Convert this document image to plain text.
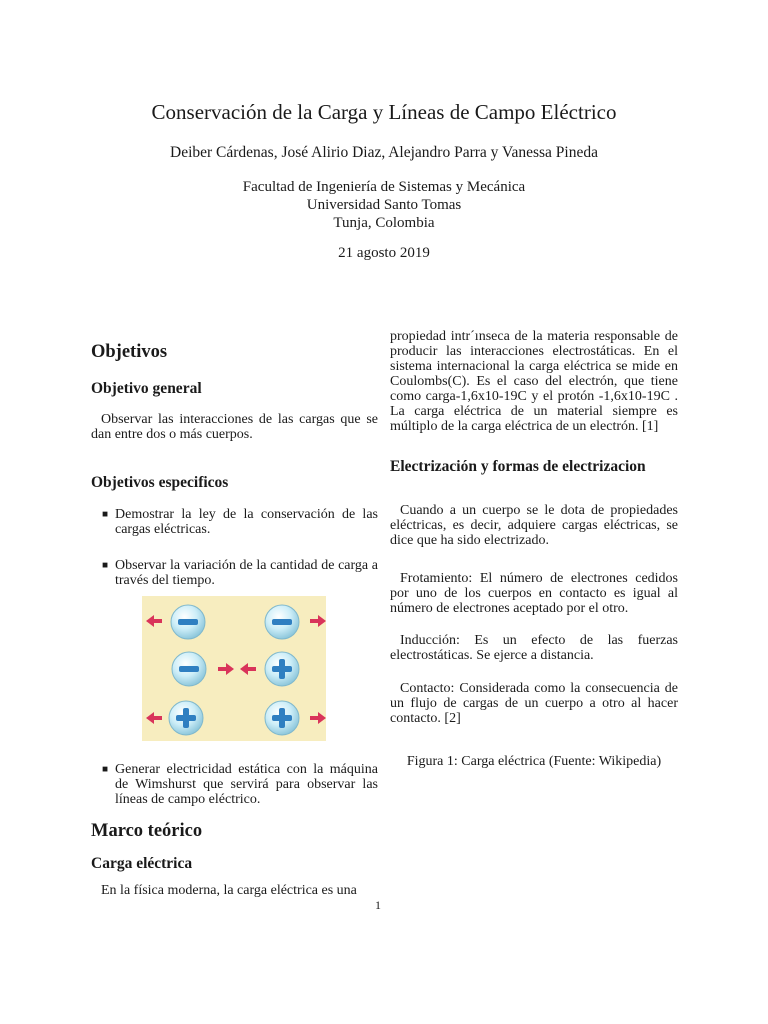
Conservación de la Carga y Líneas de Campo Eléctrico
Deiber Cárdenas, José Alirio Diaz, Alejandro Parra y Vanessa Pineda
Facultad de Ingeniería de Sistemas y Mecánica
Universidad Santo Tomas
Tunja, Colombia
21 agosto 2019
Objetivos
Objetivo general

Observar las interacciones de las cargas que se dan entre dos o más cuerpos.

Objetivos especificos
■ Demostrar la ley de la conservación de las cargas eléctricas.
■ Observar la variación de la cantidad de carga a través del tiempo.
■ Generar electricidad estática con la máquina de Wimshurst que servirá para observar las líneas de campo eléctrico.
Marco teórico
Carga eléctrica

En la física moderna, la carga eléctrica es una

propiedad intr´ınseca de la materia responsable de producir las interacciones electrostáticas. En el sistema internacional la carga eléctrica se mide en Coulombs(C). Es el caso del electrón, que tiene como carga-1,6x10-19C y el protón -1,6x10-19C . La carga eléctrica de un material siempre es múltiplo de la carga eléctrica de un electrón. [1]

Electrización y formas de electrizacion

Cuando a un cuerpo se le dota de propiedades eléctricas, es decir, adquiere cargas eléctricas, se dice que ha sido electrizado.

Frotamiento: El número de electrones cedidos por uno de los cuerpos en contacto es igual al número de electrones aceptado por el otro.

Inducción: Es un efecto de las fuerzas electrostáticas. Se ejerce a distancia.

Contacto: Considerada como la consecuencia de un flujo de cargas de un cuerpo a otro al hacer contacto. [2]

Figura 1: Carga eléctrica (Fuente: Wikipedia)
1
